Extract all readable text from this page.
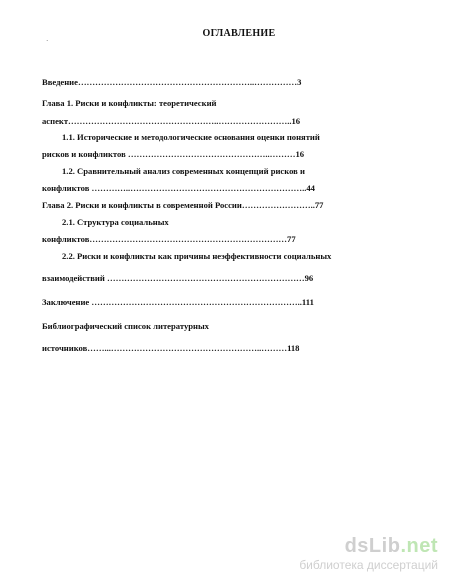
ОГЛАВЛЕНИЕ
·
Введение……………………………………………………..……………3
Глава 1. Риски и конфликты: теоретический
аспект……………………………………………..……………………..16
1.1. Исторические и методологические основания оценки понятий
рисков и конфликтов …………………………………………..………16
1.2. Сравнительный анализ современных концепций рисков и
конфликтов …………..……………………………………………………..44
Глава 2. Риски и конфликты в современной России……………………..77
2.1. Структура социальных
конфликтов……………………………………………………………77
2.2. Риски и конфликты как причины неэффективности социальных
взаимодействий ……………………………………………………………96
Заключение ………………………………………………………………..111
Библиографический список литературных
источников……...……………………………………………..………118
dsLib.net
библиотека диссертаций
